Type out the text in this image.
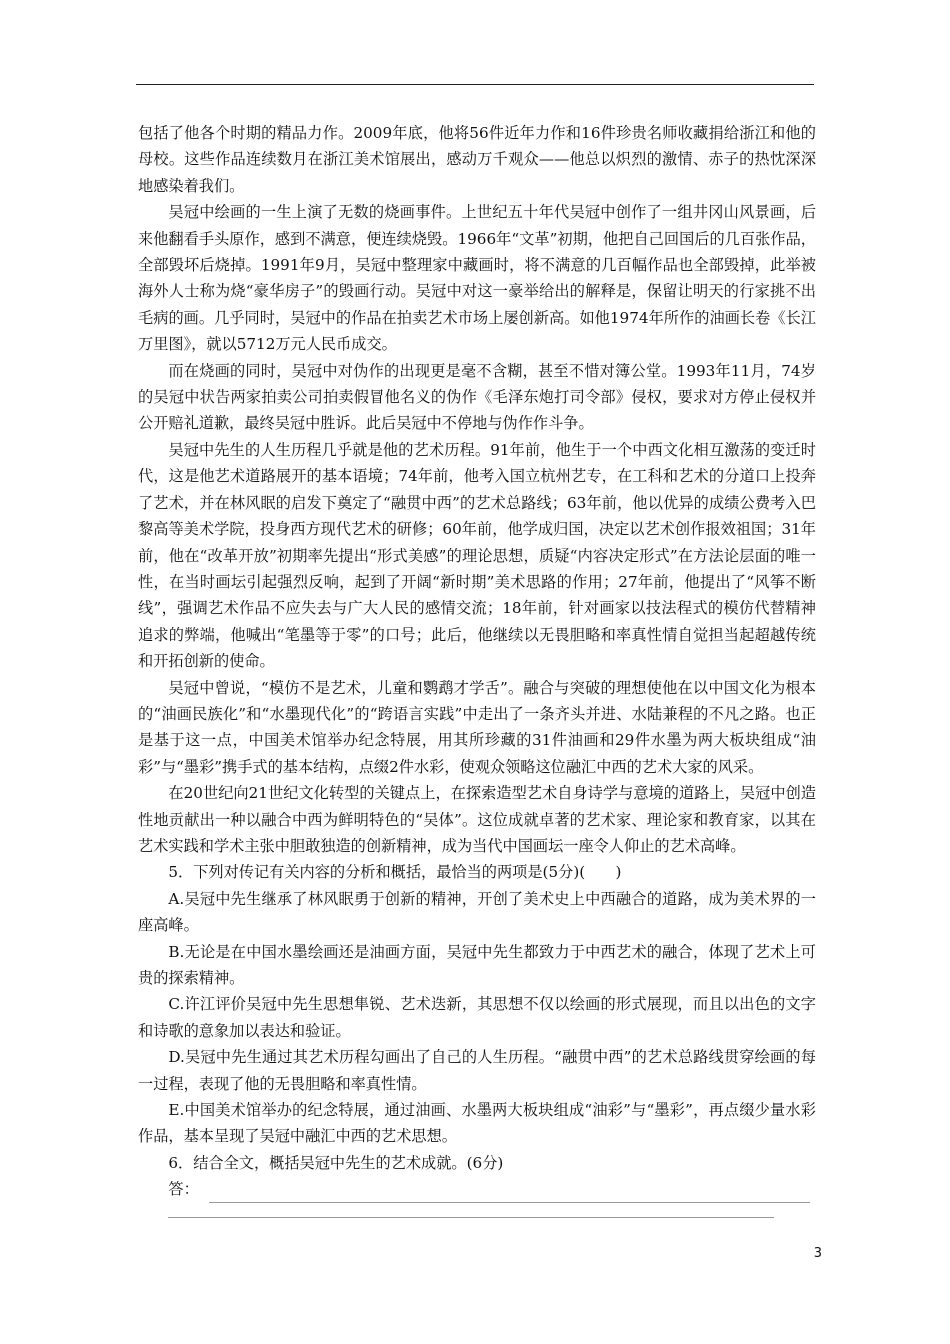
包括了他各个时期的精品力作。2009年底，他将56件近年力作和16件珍贵名师收藏捐给浙江和他的母校。这些作品连续数月在浙江美术馆展出，感动万千观众——他总以炽烈的激情、赤子的热忱深深地感染着我们。

吴冠中绘画的一生上演了无数的烧画事件。上世纪五十年代吴冠中创作了一组井冈山风景画，后来他翻看手头原作，感到不满意，便连续烧毁。1966年“文革”初期，他把自己回国后的几百张作品，全部毁坏后烧掉。1991年9月，吴冠中整理家中藏画时，将不满意的几百幅作品也全部毁掉，此举被海外人士称为烧“豪华房子”的毁画行动。吴冠中对这一豪举给出的解释是，保留让明天的行家挑不出毛病的画。几乎同时，吴冠中的作品在拍卖艺术市场上屡创新高。如他1974年所作的油画长卷《长江万里图》，就以5712万元人民币成交。

而在烧画的同时，吴冠中对伪作的出现更是毫不含糊，甚至不惜对簿公堂。1993年11月，74岁的吴冠中状告两家拍卖公司拍卖假冒他名义的伪作《毛泽东炮打司令部》侵权，要求对方停止侵权并公开赔礼道歉，最终吴冠中胜诉。此后吴冠中不停地与伪作作斗争。

吴冠中先生的人生历程几乎就是他的艺术历程。91年前，他生于一个中西文化相互激荡的变迁时代，这是他艺术道路展开的基本语境；74年前，他考入国立杭州艺专，在工科和艺术的分道口上投奔了艺术，并在林风眠的启发下奠定了“融贯中西”的艺术总路线；63年前，他以优异的成绩公费考入巴黎高等美术学院，投身西方现代艺术的研修；60年前，他学成归国，决定以艺术创作报效祖国；31年前，他在“改革开放”初期率先提出“形式美感”的理论思想，质疑“内容决定形式”在方法论层面的唯一性，在当时画坛引起强烈反响，起到了开阔“新时期”美术思路的作用；27年前，他提出了“风筝不断线”，强调艺术作品不应失去与广大人民的感情交流；18年前，针对画家以技法程式的模仿代替精神追求的弊端，他喊出“笔墨等于零”的口号；此后，他继续以无畏胆略和率真性情自觉担当起超越传统和开拓创新的使命。

吴冠中曾说，“模仿不是艺术，儿童和鹦鹉才学舌”。融合与突破的理想使他在以中国文化为根本的“油画民族化”和“水墨现代化”的“跨语言实践”中走出了一条齐头并进、水陆兼程的不凡之路。也正是基于这一点，中国美术馆举办纪念特展，用其所珍藏的31件油画和29件水墨为两大板块组成“油彩”与“墨彩”携手式的基本结构，点缀2件水彩，使观众领略这位融汇中西的艺术大家的风采。

在20世纪向21世纪文化转型的关键点上，在探索造型艺术自身诗学与意境的道路上，吴冠中创造性地贡献出一种以融合中西为鲜明特色的“吴体”。这位成就卓著的艺术家、理论家和教育家，以其在艺术实践和学术主张中胆敢独造的创新精神，成为当代中国画坛一座令人仰止的艺术高峰。

5．下列对传记有关内容的分析和概括，最恰当的两项是(5分)(　　)

A.吴冠中先生继承了林风眠勇于创新的精神，开创了美术史上中西融合的道路，成为美术界的一座高峰。

B.无论是在中国水墨绘画还是油画方面，吴冠中先生都致力于中西艺术的融合，体现了艺术上可贵的探索精神。

C.许江评价吴冠中先生思想隼锐、艺术迭新，其思想不仅以绘画的形式展现，而且以出色的文字和诗歌的意象加以表达和验证。

D.吴冠中先生通过其艺术历程勾画出了自己的人生历程。“融贯中西”的艺术总路线贯穿绘画的每一过程，表现了他的无畏胆略和率真性情。

E.中国美术馆举办的纪念特展，通过油画、水墨两大板块组成“油彩”与“墨彩”，再点缀少量水彩作品，基本呈现了吴冠中融汇中西的艺术思想。

6．结合全文，概括吴冠中先生的艺术成就。(6分)

答：
3
